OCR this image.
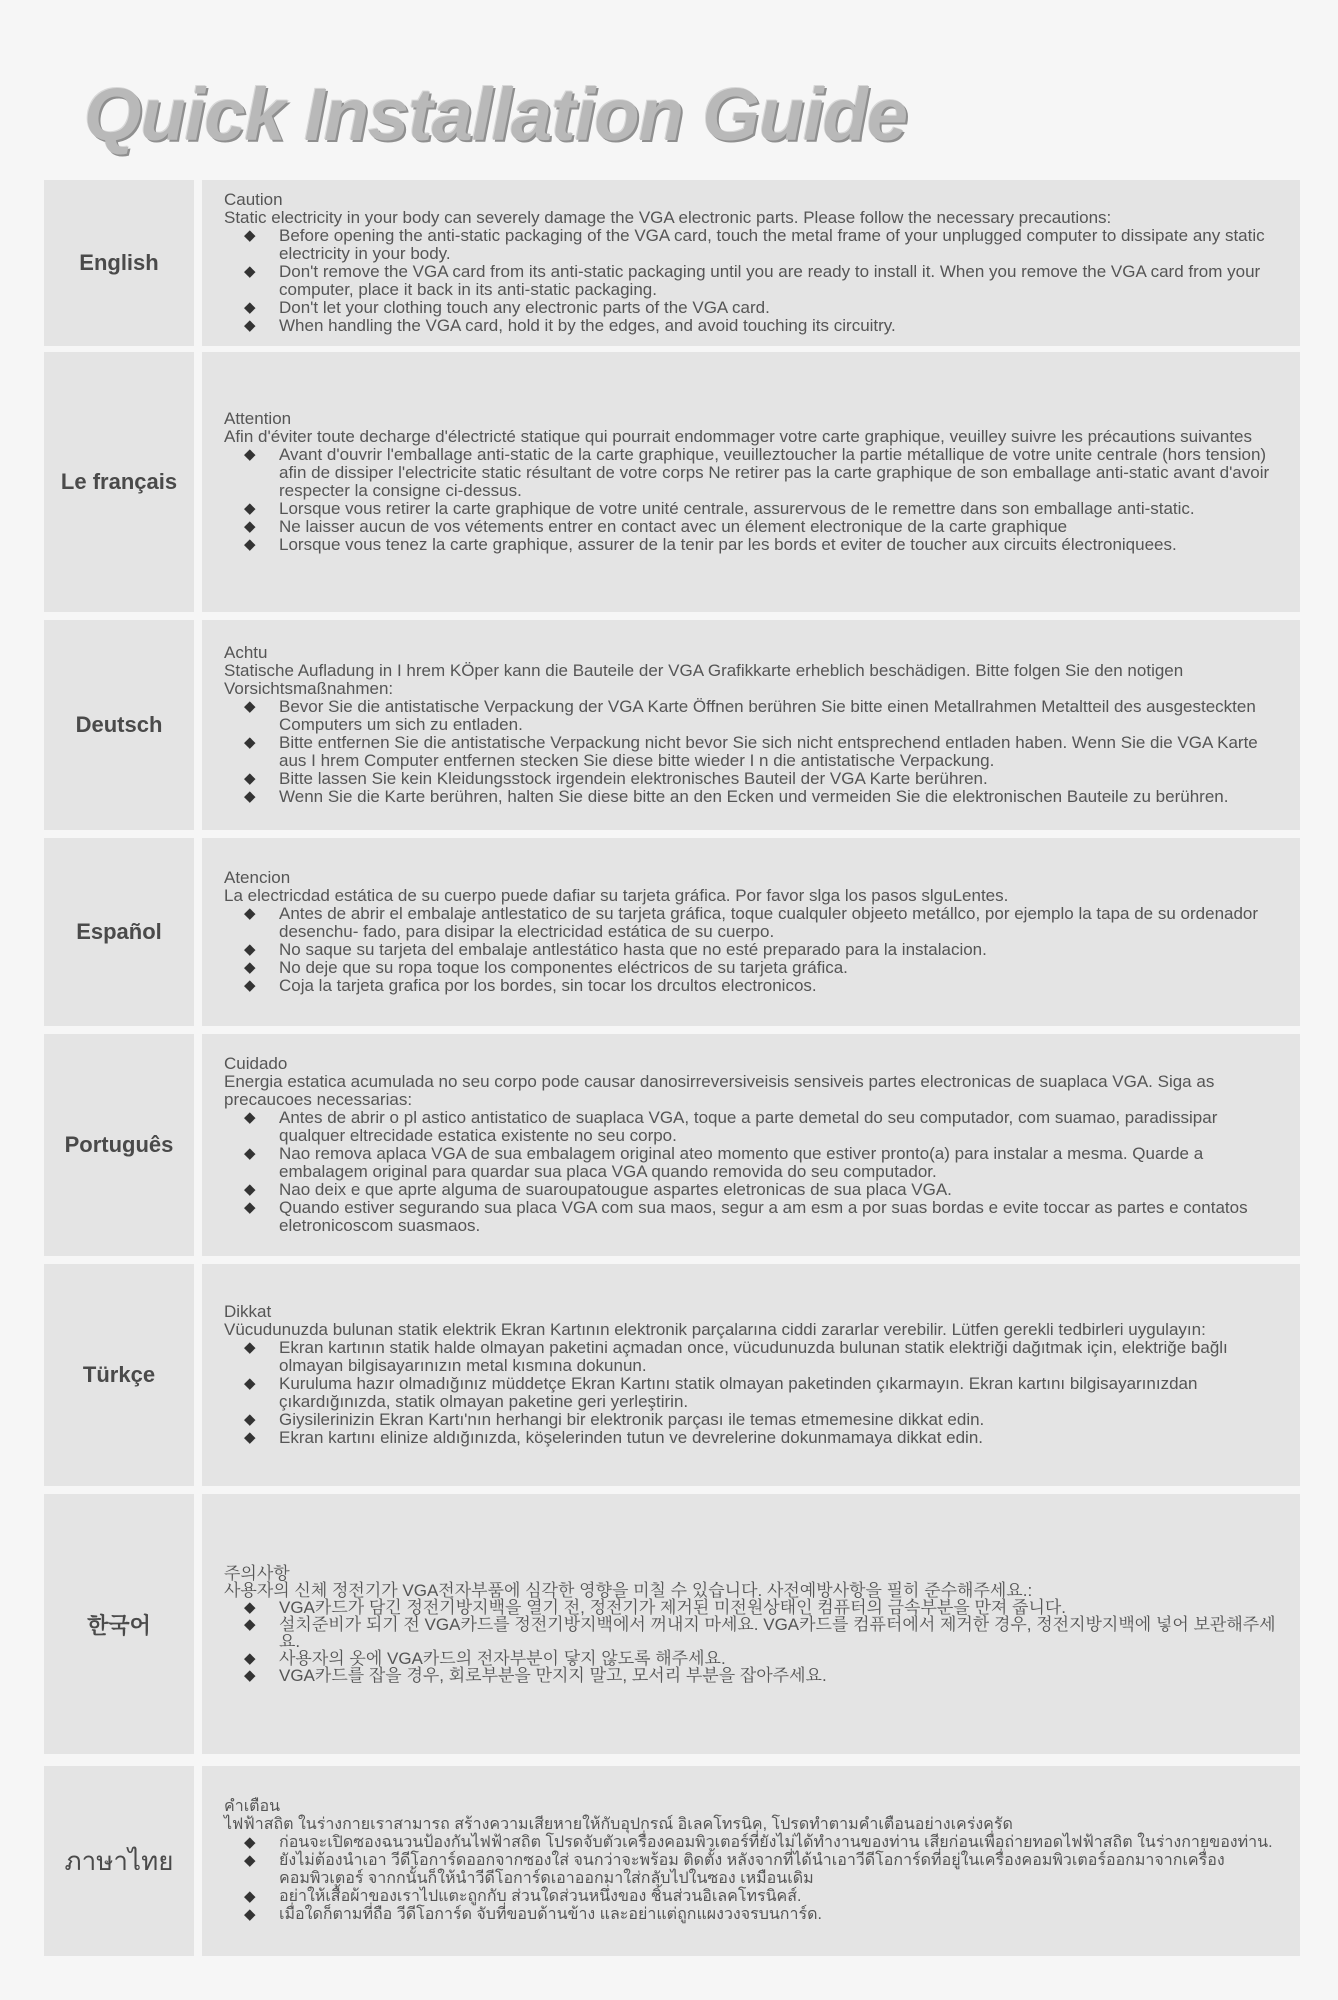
Quick Installation Guide
English
Caution
Static electricity in your body can severely damage the VGA electronic parts. Please follow the necessary precautions:
◆ Before opening the anti-static packaging of the VGA card, touch the metal frame of your unplugged computer to dissipate any static electricity in your body.
◆ Don't remove the VGA card from its anti-static packaging until you are ready to install it. When you remove the VGA card from your computer, place it back in its anti-static packaging.
◆ Don't let your clothing touch any electronic parts of the VGA card.
◆ When handling the VGA card, hold it by the edges, and avoid touching its circuitry.
Le français
Attention
Afin d'éviter toute decharge d'électricté statique qui pourrait endommager votre carte graphique, veuilley suivre les précautions suivantes
◆ Avant d'ouvrir l'emballage anti-static de la carte graphique, veuilleztoucher la partie métallique de votre unite centrale (hors tension) afin de dissiper l'electricite static résultant de votre corps Ne retirer pas la carte graphique de son emballage anti-static avant d'avoir respecter la consigne ci-dessus.
◆ Lorsque vous retirer la carte graphique de votre unité centrale, assurervous de le remettre dans son emballage anti-static.
◆ Ne laisser aucun de vos vétements entrer en contact avec un élement electronique de la carte graphique
◆ Lorsque vous tenez la carte graphique, assurer de la tenir par les bords et eviter de toucher aux circuits électroniquees.
Deutsch
Achtu
Statische Aufladung in I hrem KÖper kann die Bauteile der VGA Grafikkarte erheblich beschädigen. Bitte folgen Sie den notigen Vorsichtsmaßnahmen:
◆ Bevor Sie die antistatische Verpackung der VGA Karte Öffnen berühren Sie bitte einen Metallrahmen Metaltteil des ausgesteckten Computers um sich zu entladen.
◆ Bitte entfernen Sie die antistatische Verpackung nicht bevor Sie sich nicht entsprechend entladen haben. Wenn Sie die VGA Karte aus I hrem Computer entfernen stecken Sie diese bitte wieder I n die antistatische Verpackung.
◆ Bitte lassen Sie kein Kleidungsstock irgendein elektronisches Bauteil der VGA Karte berühren.
◆ Wenn Sie die Karte berühren, halten Sie diese bitte an den Ecken und vermeiden Sie die elektronischen Bauteile zu berühren.
Español
Atencion
La electricdad estática de su cuerpo puede dafiar su tarjeta gráfica. Por favor slga los pasos slguLentes.
◆ Antes de abrir el embalaje antlestatico de su tarjeta gráfica, toque cualquler objeeto metállco, por ejemplo la tapa de su ordenador desenchu- fado, para disipar la electricidad estática de su cuerpo.
◆ No saque su tarjeta del embalaje antlestático hasta que no esté preparado para la instalacion.
◆ No deje que su ropa toque los componentes eléctricos de su tarjeta gráfica.
◆ Coja la tarjeta grafica por los bordes, sin tocar los drcultos electronicos.
Português
Cuidado
Energia estatica acumulada no seu corpo pode causar danosirreversiveisis sensiveis partes electronicas de suaplaca VGA. Siga as precaucoes necessarias:
◆ Antes de abrir o pl astico antistatico de suaplaca VGA, toque a parte demetal do seu computador, com suamao, paradissipar qualquer eltrecidade estatica existente no seu corpo.
◆ Nao remova aplaca VGA de sua embalagem original ateo momento que estiver pronto(a) para instalar a mesma. Quarde a embalagem original para quardar sua placa VGA quando removida do seu computador.
◆ Nao deix e que aprte alguma de suaroupatougue aspartes eletronicas de sua placa VGA.
◆ Quando estiver segurando sua placa VGA com sua maos, segur a am esm a por suas bordas e evite toccar as partes e contatos eletronicoscom suasmaos.
Türkçe
Dikkat
Vücudunuzda bulunan statik elektrik Ekran Kartının elektronik parçalarına ciddi zararlar verebilir. Lütfen gerekli tedbirleri uygulayın:
◆ Ekran kartının statik halde olmayan paketini açmadan once, vücudunuzda bulunan statik elektriği dağıtmak için, elektriğe bağlı olmayan bilgisayarınızın metal kısmına dokunun.
◆ Kuruluma hazır olmadığınız müddetçe Ekran Kartını statik olmayan paketinden çıkarmayın. Ekran kartını bilgisayarınızdan çıkardığınızda, statik olmayan paketine geri yerleştirin.
◆ Giysilerinizin Ekran Kartı'nın herhangi bir elektronik parçası ile temas etmemesine dikkat edin.
◆ Ekran kartını elinize aldığınızda, köşelerinden tutun ve devrelerine dokunmamaya dikkat edin.
한국어
주의사항
사용자의 신체 정전기가 VGA전자부품에 심각한 영향을 미칠 수 있습니다. 사전예방사항을 필히 준수해주세요.:
◆ VGA카드가 담긴 정전기방지백을 열기 전, 정전기가 제거된 미전원상태인 컴퓨터의 금속부분을 만져 줍니다.
◆ 설치준비가 되기 전 VGA카드를 정전기방지백에서 꺼내지 마세요. VGA카드를 컴퓨터에서 제거한 경우, 정전지방지백에 넣어 보관해주세요.
◆ 사용자의 옷에 VGA카드의 전자부분이 닿지 않도록 해주세요.
◆ VGA카드를 잡을 경우, 회로부분을 만지지 말고, 모서리 부분을 잡아주세요.
ภาษาไทย
คำเตือน
ไฟฟ้าสถิต ในร่างกายเราสามารถ สร้างความเสียหายให้กับอุปกรณ์ อิเลคโทรนิค, โปรดทำตามคำเตือนอย่างเคร่งครัด
◆ ก่อนจะเปิดซองฉนวนป้องกันไฟฟ้าสถิต โปรดจับตัวเครื่องคอมพิวเตอร์ที่ยังไม่ได้ทำงานของท่าน เสียก่อนเพื่อถ่ายทอดไฟฟ้าสถิต ในร่างกายของท่าน.
◆ ยังไม่ต้องนำเอา วีดีโอการ์ดออกจากซองใส่ จนกว่าจะพร้อม ติดตั้ง หลังจากที่ได้นำเอาวีดีโอการ์ดที่อยู่ในเครื่องคอมพิวเตอร์ออกมาจากเครื่องคอมพิวเตอร์ จากกนั้นก็ให้นำวีดีโอการ์ดเอาออกมาใส่กลับไปในซอง เหมือนเดิม
◆ อย่าให้เสื้อผ้าของเราไปแตะถูกกับ ส่วนใดส่วนหนึ่งของ ชิ้นส่วนอิเลคโทรนิคส์.
◆ เมื่อใดก็ตามที่ถือ วีดีโอการ์ด จับที่ขอบด้านข้าง และอย่าแต่ถูกแผงวงจรบนการ์ด.
